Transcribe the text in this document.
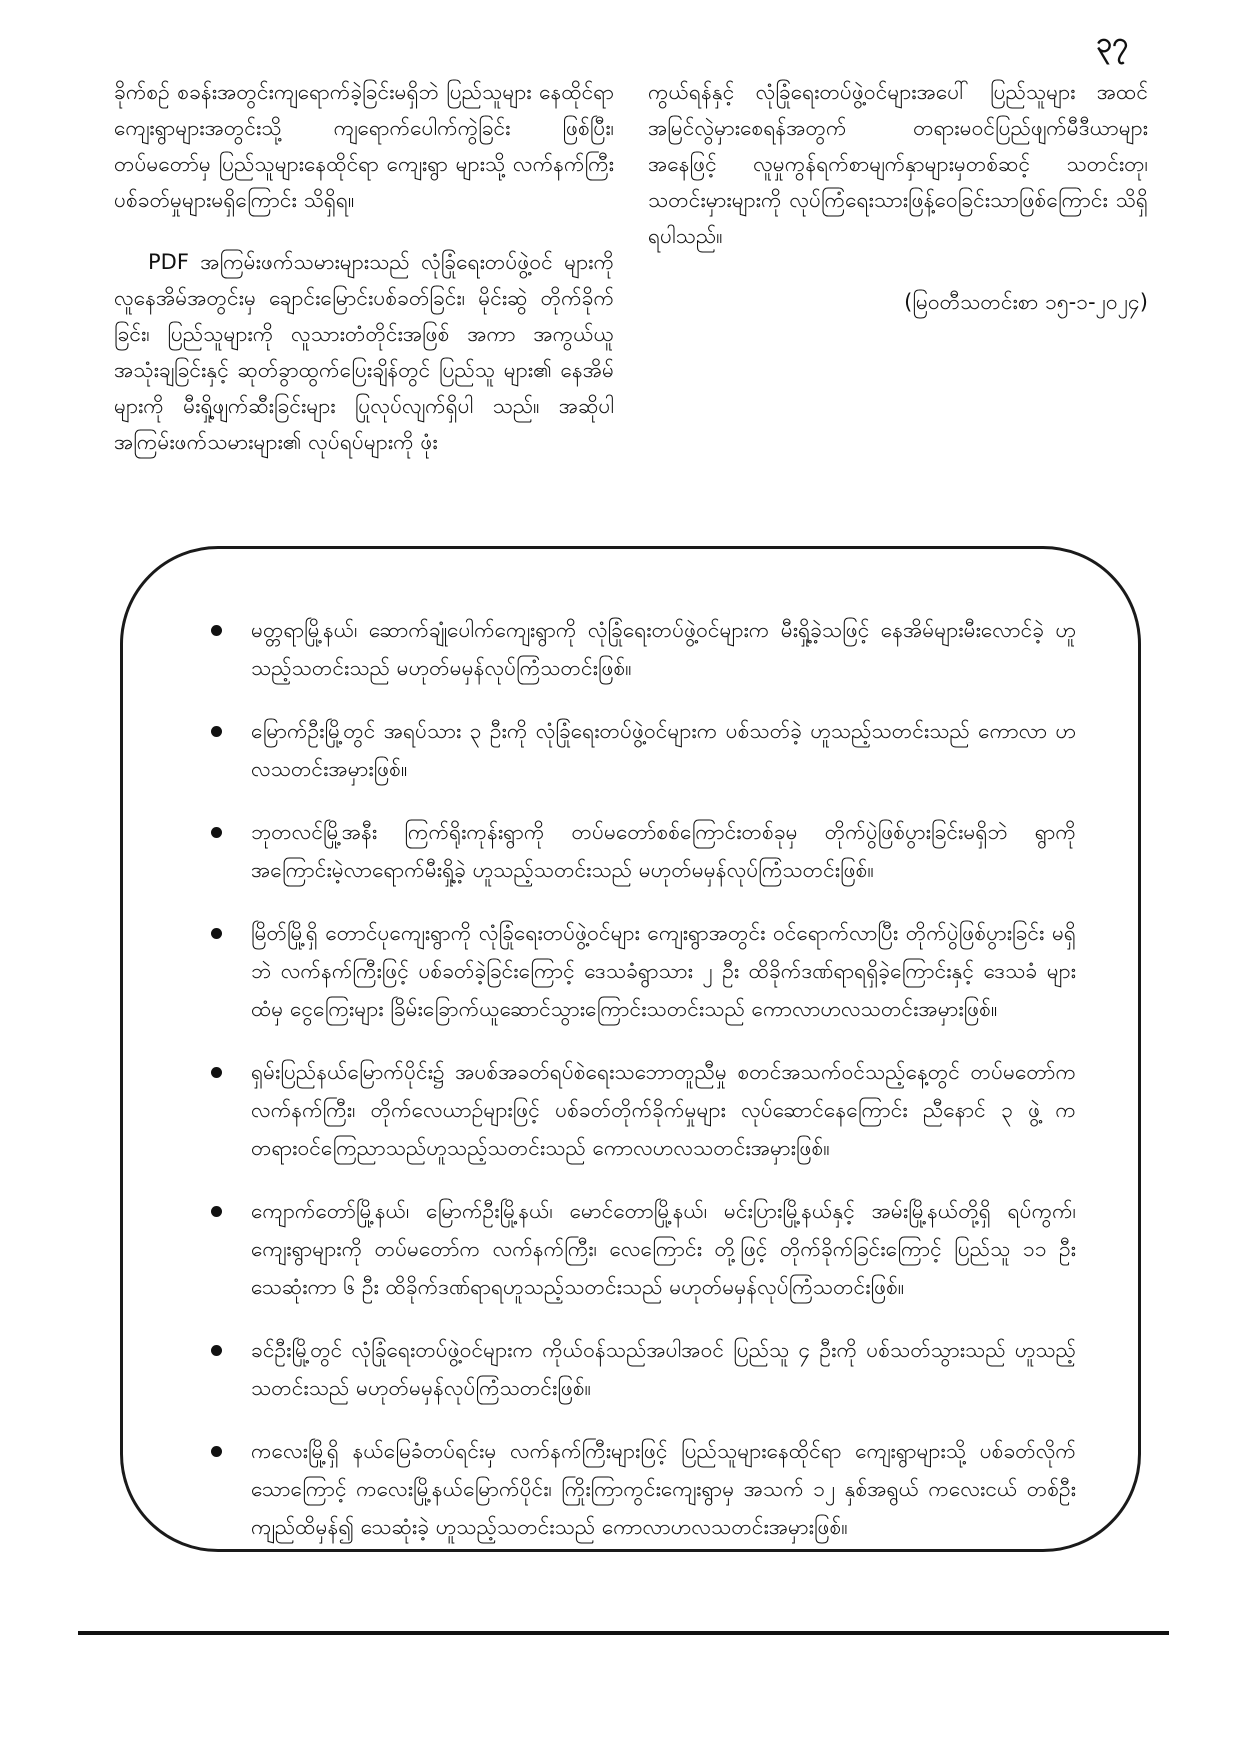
၃၇

ခိုက်စဉ် စခန်းအတွင်းကျရောက်ခဲ့ခြင်းမရှိဘဲ ပြည်သူများ နေထိုင်ရာ ကျေးရွာများအတွင်းသို့ ကျရောက်ပေါက်ကွဲခြင်း ဖြစ်ပြီး၊ တပ်မတော်မှ ပြည်သူများနေထိုင်ရာ ကျေးရွာ များသို့ လက်နက်ကြီးပစ်ခတ်မှုများမရှိကြောင်း သိရှိရ။

PDF အကြမ်းဖက်သမားများသည် လုံခြုံရေးတပ်ဖွဲ့ဝင် များကို လူနေအိမ်အတွင်းမှ ချောင်းမြောင်းပစ်ခတ်ခြင်း၊ မိုင်းဆွဲ တိုက်ခိုက်ခြင်း၊ ပြည်သူများကို လူသားတံတိုင်းအဖြစ် အကာ အကွယ်ယူအသုံးချခြင်းနှင့် ဆုတ်ခွာထွက်ပြေးချိန်တွင် ပြည်သူ များ၏ နေအိမ်များကို မီးရှို့ဖျက်ဆီးခြင်းများ ပြုလုပ်လျက်ရှိပါ သည်။ အဆိုပါအကြမ်းဖက်သမားများ၏ လုပ်ရပ်များကို ဖုံး

ကွယ်ရန်နှင့် လုံခြုံရေးတပ်ဖွဲ့ဝင်များအပေါ် ပြည်သူများ အထင် အမြင်လွဲမှားစေရန်အတွက် တရားမဝင်ပြည်ဖျက်မီဒီယာများ အနေဖြင့် လူမှုကွန်ရက်စာမျက်နှာများမှတစ်ဆင့် သတင်းတု၊ သတင်းမှားများကို လုပ်ကြံရေးသားဖြန့်ဝေခြင်းသာဖြစ်ကြောင်း သိရှိရပါသည်။

(မြဝတီသတင်းစာ ၁၅-၁-၂၀၂၄)

မတ္တရာမြို့နယ်၊ ဆောက်ချုံပေါက်ကျေးရွာကို လုံခြုံရေးတပ်ဖွဲ့ဝင်များက မီးရှို့ခဲ့သဖြင့် နေအိမ်များမီးလောင်ခဲ့ ဟူသည့်သတင်းသည် မဟုတ်မမှန်လုပ်ကြံသတင်းဖြစ်။
မြောက်ဦးမြို့တွင် အရပ်သား ၃ ဦးကို လုံခြုံရေးတပ်ဖွဲ့ဝင်များက ပစ်သတ်ခဲ့ ဟူသည့်သတင်းသည် ကောလာ ဟလသတင်းအမှားဖြစ်။
ဘုတလင်မြို့အနီး ကြက်ရိုးကုန်းရွာကို တပ်မတော်စစ်ကြောင်းတစ်ခုမှ တိုက်ပွဲဖြစ်ပွားခြင်းမရှိဘဲ ရွာကို အကြောင်းမဲ့လာရောက်မီးရှို့ခဲ့ ဟူသည့်သတင်းသည် မဟုတ်မမှန်လုပ်ကြံသတင်းဖြစ်။
မြိတ်မြို့ရှိ တောင်ပုကျေးရွာကို လုံခြုံရေးတပ်ဖွဲ့ဝင်များ ကျေးရွာအတွင်း ဝင်ရောက်လာပြီး တိုက်ပွဲဖြစ်ပွားခြင်း မရှိဘဲ လက်နက်ကြီးဖြင့် ပစ်ခတ်ခဲ့ခြင်းကြောင့် ဒေသခံရွာသား ၂ ဦး ထိခိုက်ဒဏ်ရာရရှိခဲ့ကြောင်းနှင့် ဒေသခံ များထံမှ ငွေကြေးများ ခြိမ်းခြောက်ယူဆောင်သွားကြောင်းသတင်းသည် ကောလာဟလသတင်းအမှားဖြစ်။
ရှမ်းပြည်နယ်မြောက်ပိုင်း၌ အပစ်အခတ်ရပ်စဲရေးသဘောတူညီမှု စတင်အသက်ဝင်သည့်နေ့တွင် တပ်မတော်က လက်နက်ကြီး၊ တိုက်လေယာဉ်များဖြင့် ပစ်ခတ်တိုက်ခိုက်မှုများ လုပ်ဆောင်နေကြောင်း ညီနောင် ၃ ဖွဲ့ က တရားဝင်ကြေညာသည်ဟူသည့်သတင်းသည် ကောလဟလသတင်းအမှားဖြစ်။
ကျောက်တော်မြို့နယ်၊ မြောက်ဦးမြို့နယ်၊ မောင်တောမြို့နယ်၊ မင်းပြားမြို့နယ်နှင့် အမ်းမြို့နယ်တို့ရှိ ရပ်ကွက်၊ ကျေးရွာများကို တပ်မတော်က လက်နက်ကြီး၊ လေကြောင်း တို့ဖြင့် တိုက်ခိုက်ခြင်းကြောင့် ပြည်သူ ၁၁ ဦး သေဆုံးကာ ၆ ဦး ထိခိုက်ဒဏ်ရာရဟူသည့်သတင်းသည် မဟုတ်မမှန်လုပ်ကြံသတင်းဖြစ်။
ခင်ဦးမြို့တွင် လုံခြုံရေးတပ်ဖွဲ့ဝင်များက ကိုယ်ဝန်သည်အပါအဝင် ပြည်သူ ၄ ဦးကို ပစ်သတ်သွားသည် ဟူသည့် သတင်းသည် မဟုတ်မမှန်လုပ်ကြံသတင်းဖြစ်။
ကလေးမြို့ရှိ နယ်မြေခံတပ်ရင်းမှ လက်နက်ကြီးများဖြင့် ပြည်သူများနေထိုင်ရာ ကျေးရွာများသို့ ပစ်ခတ်လိုက် သောကြောင့် ကလေးမြို့နယ်မြောက်ပိုင်း၊ ကြိုးကြာကွင်းကျေးရွာမှ အသက် ၁၂ နှစ်အရွယ် ကလေးငယ် တစ်ဦး ကျည်ထိမှန်၍ သေဆုံးခဲ့ ဟူသည့်သတင်းသည် ကောလာဟလသတင်းအမှားဖြစ်။
